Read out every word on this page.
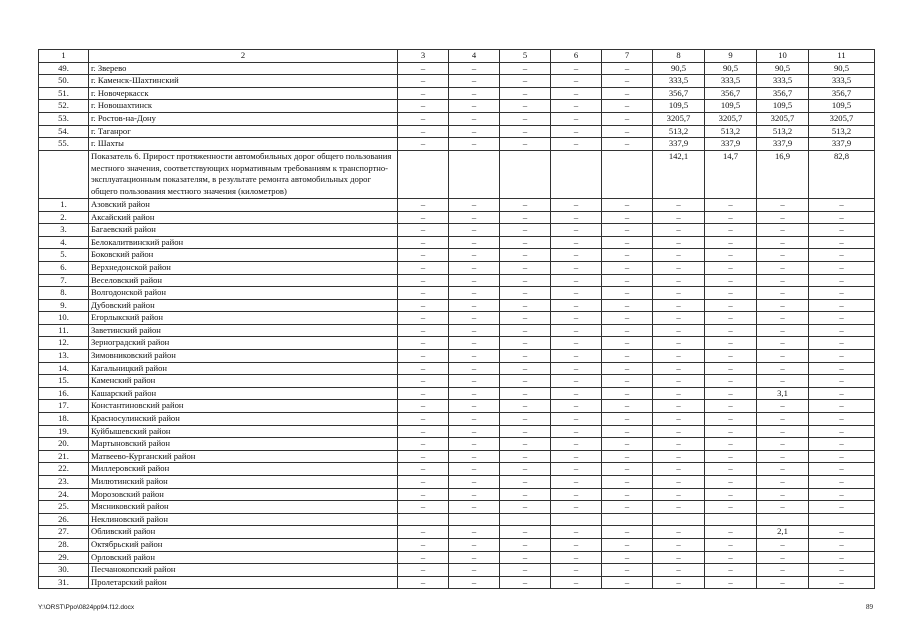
1	2	3	4	5	6	7	8	9	10	11
49.	г. Зверево	–	–	–	–	–	90,5	90,5	90,5	90,5
50.	г. Каменск-Шахтинский	–	–	–	–	–	333,5	333,5	333,5	333,5
51.	г. Новочеркасск	–	–	–	–	–	356,7	356,7	356,7	356,7
52.	г. Новошахтинск	–	–	–	–	–	109,5	109,5	109,5	109,5
53.	г. Ростов-на-Дону	–	–	–	–	–	3205,7	3205,7	3205,7	3205,7
54.	г. Таганрог	–	–	–	–	–	513,2	513,2	513,2	513,2
55.	г. Шахты	–	–	–	–	–	337,9	337,9	337,9	337,9
	Показатель 6. Прирост протяженности автомобильных дорог общего пользования местного значения, соответствующих нормативным требованиям к транспортно-эксплуатационным показателям, в результате ремонта автомобильных дорог общего пользования местного значения (километров)						142,1	14,7	16,9	82,8
1.	Азовский район	–	–	–	–	–	–	–	–	–
2.	Аксайский район	–	–	–	–	–	–	–	–	–
3.	Багаевский район	–	–	–	–	–	–	–	–	–
4.	Белокалитвинский район	–	–	–	–	–	–	–	–	–
5.	Боковский район	–	–	–	–	–	–	–	–	–
6.	Верхнедонской район	–	–	–	–	–	–	–	–	–
7.	Веселовский район	–	–	–	–	–	–	–	–	–
8.	Волгодонской район	–	–	–	–	–	–	–	–	–
9.	Дубовский район	–	–	–	–	–	–	–	–	–
10.	Егорлыкский район	–	–	–	–	–	–	–	–	–
11.	Заветинский район	–	–	–	–	–	–	–	–	–
12.	Зерноградский район	–	–	–	–	–	–	–	–	–
13.	Зимовниковский район	–	–	–	–	–	–	–	–	–
14.	Кагальницкий район	–	–	–	–	–	–	–	–	–
15.	Каменский район	–	–	–	–	–	–	–	–	–
16.	Кашарский район	–	–	–	–	–	–	–	3,1	–
17.	Константиновский район	–	–	–	–	–	–	–	–	–
18.	Красносулинский район	–	–	–	–	–	–	–	–	–
19.	Куйбышевский район	–	–	–	–	–	–	–	–	–
20.	Мартыновский район	–	–	–	–	–	–	–	–	–
21.	Матвеево-Курганский район	–	–	–	–	–	–	–	–	–
22.	Миллеровский район	–	–	–	–	–	–	–	–	–
23.	Милютинский район	–	–	–	–	–	–	–	–	–
24.	Морозовский район	–	–	–	–	–	–	–	–	–
25.	Мясниковский район	–	–	–	–	–	–	–	–	–
26.	Неклиновский район									
27.	Обливский район	–	–	–	–	–	–	–	2,1	–
28.	Октябрьский район	–	–	–	–	–	–	–	–	–
29.	Орловский район	–	–	–	–	–	–	–	–	–
30.	Песчанокопский район	–	–	–	–	–	–	–	–	–
31.	Пролетарский район	–	–	–	–	–	–	–	–	–
Y:\ORST\Ppo\0824pp94.f12.docx	89
